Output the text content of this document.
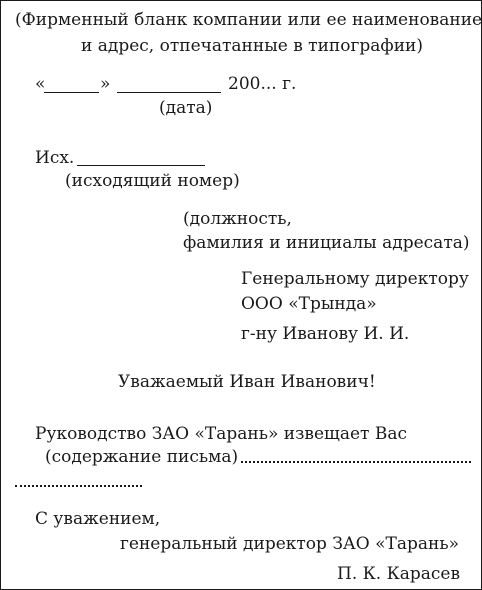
(Фирменный бланк компании или ее наименование
и адрес, отпечатанные в типографии)
«	»	200... г.
(дата)
Исх.
(исходящий номер)
(должность,
фамилия и инициалы адресата)
Генеральному директору
ООО «Трында»
г-ну Иванову И. И.
Уважаемый Иван Иванович!
Руководство ЗАО «Тарань» извещает Вас
(содержание письма)
С уважением,
генеральный директор ЗАО «Тарань»
П. К. Карасев
